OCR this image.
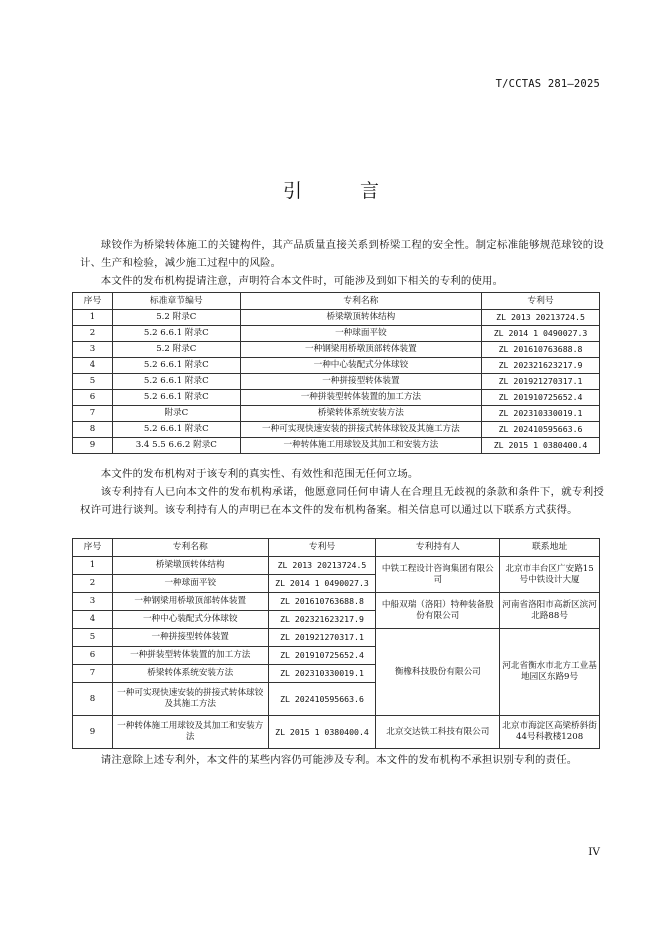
T/CCTAS 281—2025
引 言
球铰作为桥梁转体施工的关键构件，其产品质量直接关系到桥梁工程的安全性。制定标准能够规范球铰的设计、生产和检验，减少施工过程中的风险。
本文件的发布机构提请注意，声明符合本文件时，可能涉及到如下相关的专利的使用。
序号	标准章节编号	专利名称	专利号
1	5.2 附录C	桥梁墩顶转体结构	ZL 2013 20213724.5
2	5.2 6.6.1 附录C	一种球面平铰	ZL 2014 1 0490027.3
3	5.2 附录C	一种钢梁用桥墩顶部转体装置	ZL 201610763688.8
4	5.2 6.6.1 附录C	一种中心装配式分体球铰	ZL 202321623217.9
5	5.2 6.6.1 附录C	一种拼接型转体装置	ZL 201921270317.1
6	5.2 6.6.1 附录C	一种拼装型转体装置的加工方法	ZL 201910725652.4
7	附录C	桥梁转体系统安装方法	ZL 202310330019.1
8	5.2 6.6.1 附录C	一种可实现快速安装的拼接式转体球铰及其施工方法	ZL 202410595663.6
9	3.4 5.5 6.6.2 附录C	一种转体施工用球铰及其加工和安装方法	ZL 2015 1 0380400.4
本文件的发布机构对于该专利的真实性、有效性和范围无任何立场。
该专利持有人已向本文件的发布机构承诺，他愿意同任何申请人在合理且无歧视的条款和条件下，就专利授权许可进行谈判。该专利持有人的声明已在本文件的发布机构备案。相关信息可以通过以下联系方式获得。
序号	专利名称	专利号	专利持有人	联系地址
1	桥梁墩顶转体结构	ZL 2013 20213724.5	中铁工程设计咨询集团有限公司	北京市丰台区广安路15号中铁设计大厦
2	一种球面平铰	ZL 2014 1 0490027.3		
3	一种钢梁用桥墩顶部转体装置	ZL 201610763688.8	中船双瑞（洛阳）特种装备股份有限公司	河南省洛阳市高新区滨河北路88号
4	一种中心装配式分体球铰	ZL 202321623217.9		
5	一种拼接型转体装置	ZL 201921270317.1	衡橡科技股份有限公司	河北省衡水市北方工业基地园区东路9号
6	一种拼装型转体装置的加工方法	ZL 201910725652.4		
7	桥梁转体系统安装方法	ZL 202310330019.1		
8	一种可实现快速安装的拼接式转体球铰及其施工方法	ZL 202410595663.6		
9	一种转体施工用球铰及其加工和安装方法	ZL 2015 1 0380400.4	北京交达铁工科技有限公司	北京市海淀区高梁桥斜街44号科教楼1208
请注意除上述专利外，本文件的某些内容仍可能涉及专利。本文件的发布机构不承担识别专利的责任。
IV
